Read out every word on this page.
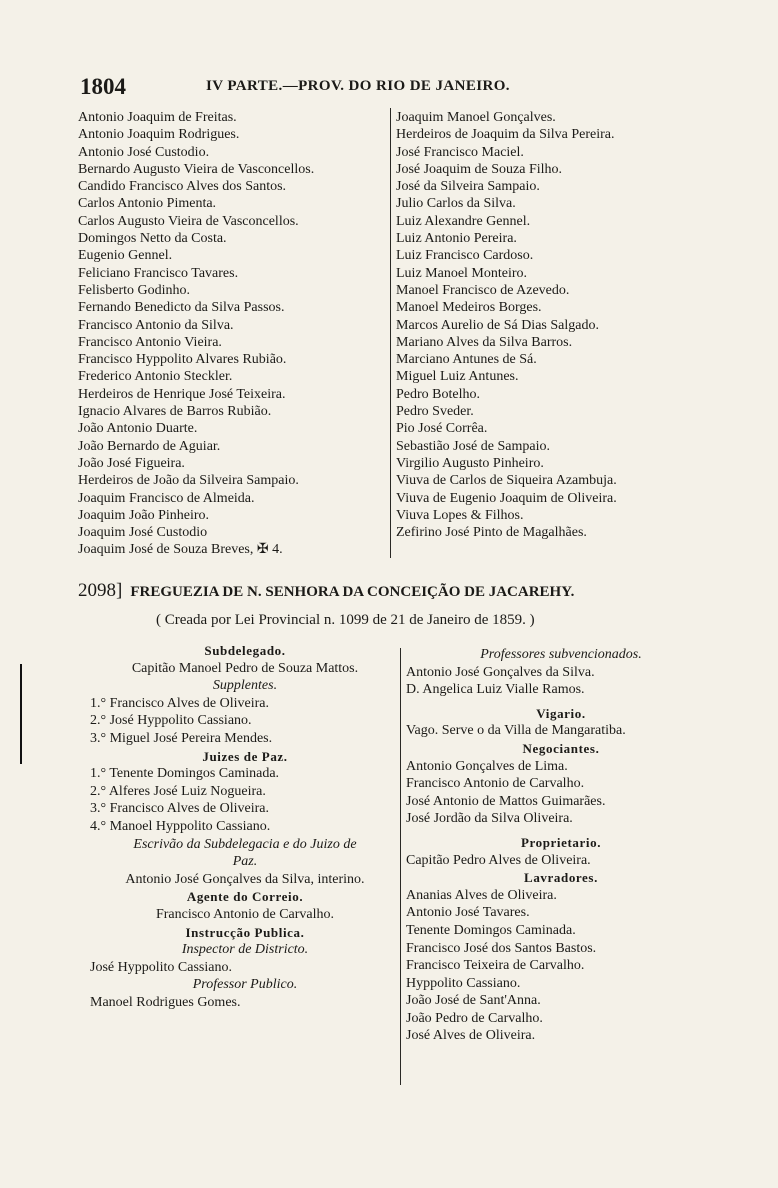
1804	IV PARTE.—PROV. DO RIO DE JANEIRO.
Antonio Joaquim de Freitas.
Antonio Joaquim Rodrigues.
Antonio José Custodio.
Bernardo Augusto Vieira de Vasconcellos.
Candido Francisco Alves dos Santos.
Carlos Antonio Pimenta.
Carlos Augusto Vieira de Vasconcellos.
Domingos Netto da Costa.
Eugenio Gennel.
Feliciano Francisco Tavares.
Felisberto Godinho.
Fernando Benedicto da Silva Passos.
Francisco Antonio da Silva.
Francisco Antonio Vieira.
Francisco Hyppolito Alvares Rubião.
Frederico Antonio Steckler.
Herdeiros de Henrique José Teixeira.
Ignacio Alvares de Barros Rubião.
João Antonio Duarte.
João Bernardo de Aguiar.
João José Figueira.
Herdeiros de João da Silveira Sampaio.
Joaquim Francisco de Almeida.
Joaquim João Pinheiro.
Joaquim José Custodio
Joaquim José de Souza Breves, ✠ 4.
Joaquim Manoel Gonçalves.
Herdeiros de Joaquim da Silva Pereira.
José Francisco Maciel.
José Joaquim de Souza Filho.
José da Silveira Sampaio.
Julio Carlos da Silva.
Luiz Alexandre Gennel.
Luiz Antonio Pereira.
Luiz Francisco Cardoso.
Luiz Manoel Monteiro.
Manoel Francisco de Azevedo.
Manoel Medeiros Borges.
Marcos Aurelio de Sá Dias Salgado.
Mariano Alves da Silva Barros.
Marciano Antunes de Sá.
Miguel Luiz Antunes.
Pedro Botelho.
Pedro Sveder.
Pio José Corrêa.
Sebastião José de Sampaio.
Virgilio Augusto Pinheiro.
Viuva de Carlos de Siqueira Azambuja.
Viuva de Eugenio Joaquim de Oliveira.
Viuva Lopes & Filhos.
Zefirino José Pinto de Magalhães.
2098] FREGUEZIA DE N. SENHORA DA CONCEIÇÃO DE JACAREHY.
( Creada por Lei Provincial n. 1099 de 21 de Janeiro de 1859. )
Subdelegado.
Capitão Manoel Pedro de Souza Mattos.
Supplentes.
1.° Francisco Alves de Oliveira.
2.° José Hyppolito Cassiano.
3.° Miguel José Pereira Mendes.
Juizes de Paz.
1.° Tenente Domingos Caminada.
2.° Alferes José Luiz Nogueira.
3.° Francisco Alves de Oliveira.
4.° Manoel Hyppolito Cassiano.
Escrivão da Subdelegacia e do Juizo de
Paz.
Antonio José Gonçalves da Silva, interino.
Agente do Correio.
Francisco Antonio de Carvalho.
Instrucção Publica.
Inspector de Districto.
José Hyppolito Cassiano.
Professor Publico.
Manoel Rodrigues Gomes.
Professores subvencionados.
Antonio José Gonçalves da Silva.
D. Angelica Luiz Vialle Ramos.
Vigario.
Vago. Serve o da Villa de Mangaratiba.
Negociantes.
Antonio Gonçalves de Lima.
Francisco Antonio de Carvalho.
José Antonio de Mattos Guimarães.
José Jordão da Silva Oliveira.
Proprietario.
Capitão Pedro Alves de Oliveira.
Lavradores.
Ananias Alves de Oliveira.
Antonio José Tavares.
Tenente Domingos Caminada.
Francisco José dos Santos Bastos.
Francisco Teixeira de Carvalho.
Hyppolito Cassiano.
João José de Sant'Anna.
João Pedro de Carvalho.
José Alves de Oliveira.
